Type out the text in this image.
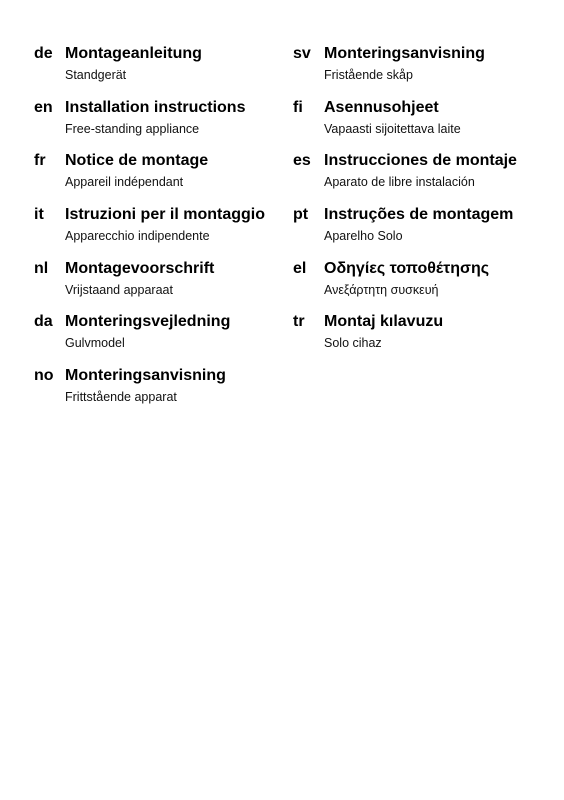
de Montageanleitung
Standgerät
en Installation instructions
Free-standing appliance
fr Notice de montage
Appareil indépendant
it Istruzioni per il montaggio
Apparecchio indipendente
nl Montagevoorschrift
Vrijstaand apparaat
da Monteringsvejledning
Gulvmodel
no Monteringsanvisning
Frittstående apparat
sv Monteringsanvisning
Fristående skåp
fi Asennusohjeet
Vapaasti sijoitettava laite
es Instrucciones de montaje
Aparato de libre instalación
pt Instruções de montagem
Aparelho Solo
el Οδηγίες τοποθέτησης
Ανεξάρτητη συσκευή
tr Montaj kılavuzu
Solo cihaz
